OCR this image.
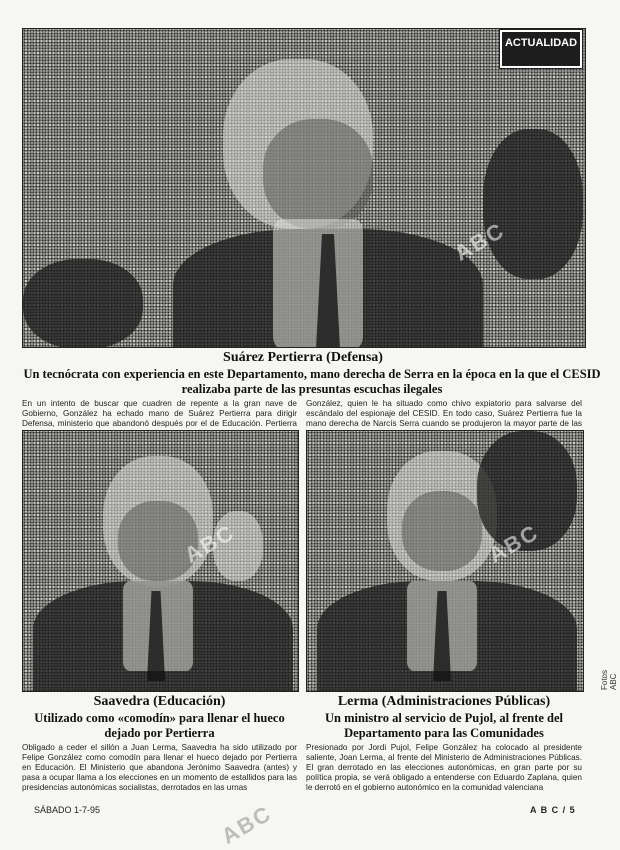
ABC
ACTUALIDAD
Suárez Pertierra (Defensa)
Un tecnócrata con experiencia en este Departamento, mano derecha de Serra en la época en la que el CESID realizaba parte de las presuntas escuchas ilegales
En un intento de buscar que cuadren de repente a la gran nave de Gobierno, González ha echado mano de Suárez Pertierra para dirigir Defensa, ministerio que abandonó después por el de Educación. Pertierra
González, quien le ha situado como chivo expiatorio para salvarse del escándalo del espionaje del CESID. En todo caso, Suárez Pertierra fue la mano derecha de Narcís Serra cuando se produjeron la mayor parte de las
ABC	ABC
Fotos ABC
Saavedra (Educación)
Utilizado como «comodín» para llenar el hueco dejado por Pertierra
Obligado a ceder el sillón a Juan Lerma, Saavedra ha sido utilizado por Felipe González como comodín para llenar el hueco dejado por Pertierra en Educación. El Ministerio que abandona Jerónimo Saavedra (antes) y pasa a ocupar llama a los elecciones en un momento de estallidos para las presidencias autonómicas socialistas, derrotados en las urnas
Lerma (Administraciones Públicas)
Un ministro al servicio de Pujol, al frente del Departamento para las Comunidades
Presionado por Jordi Pujol, Felipe González ha colocado al presidente saliente, Joan Lerma, al frente del Ministerio de Administraciones Públicas. El gran derrotado en las elecciones autonómicas, en gran parte por su política propia, se verá obligado a entenderse con Eduardo Zaplana, quien le derrotó en el gobierno autonómico en la comunidad valenciana
SÁBADO 1-7-95	A B C / 5
ABC
